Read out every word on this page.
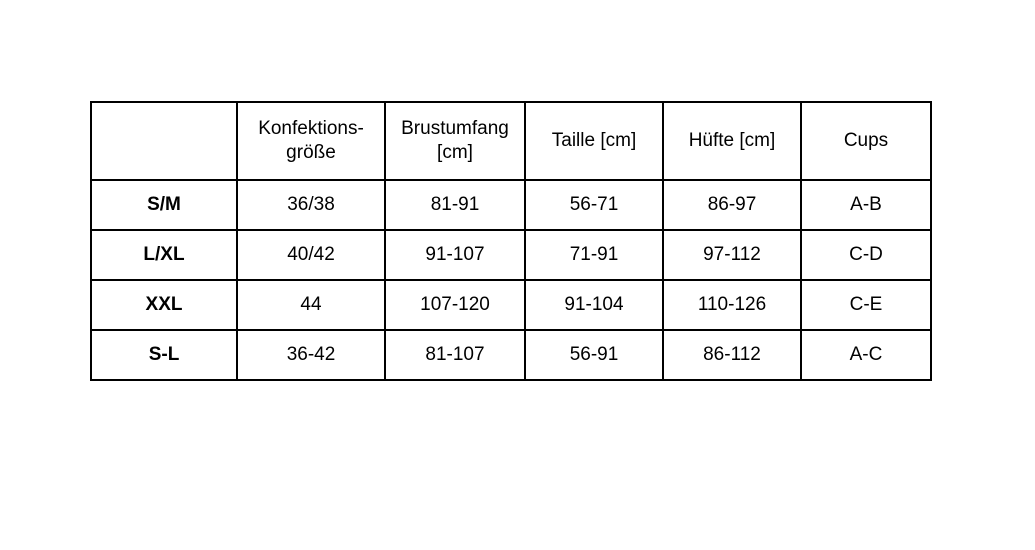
	Konfektions-größe	Brustumfang [cm]	Taille [cm]	Hüfte [cm]	Cups
S/M	36/38	81-91	56-71	86-97	A-B
L/XL	40/42	91-107	71-91	97-112	C-D
XXL	44	107-120	91-104	110-126	C-E
S-L	36-42	81-107	56-91	86-112	A-C
